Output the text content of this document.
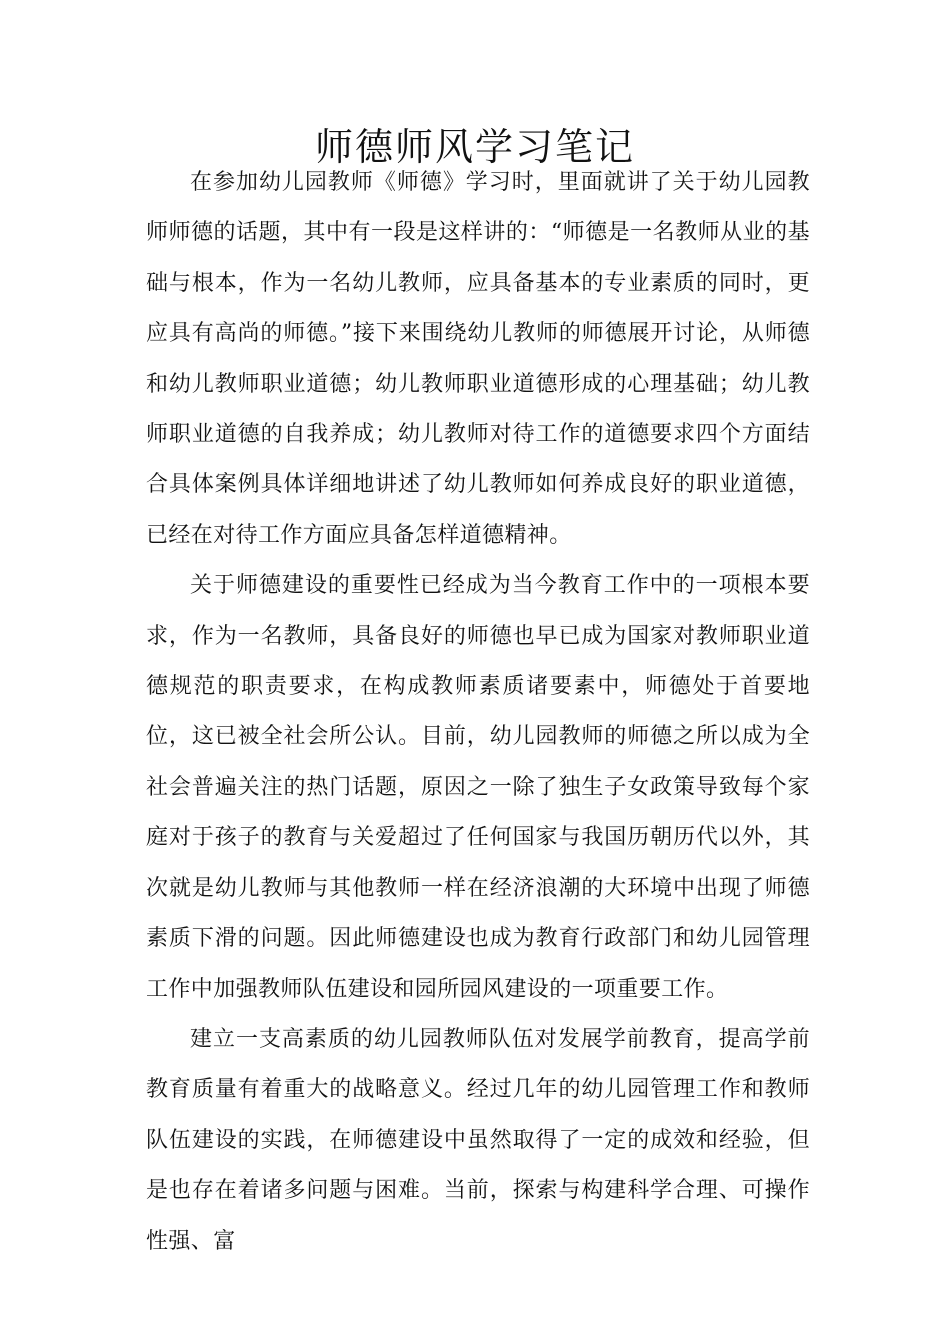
师德师风学习笔记

在参加幼儿园教师《师德》学习时，里面就讲了关于幼儿园教师师德的话题，其中有一段是这样讲的：“师德是一名教师从业的基础与根本，作为一名幼儿教师，应具备基本的专业素质的同时，更应具有高尚的师德。”接下来围绕幼儿教师的师德展开讨论，从师德和幼儿教师职业道德；幼儿教师职业道德形成的心理基础；幼儿教师职业道德的自我养成；幼儿教师对待工作的道德要求四个方面结合具体案例具体详细地讲述了幼儿教师如何养成良好的职业道德，已经在对待工作方面应具备怎样道德精神。

关于师德建设的重要性已经成为当今教育工作中的一项根本要求，作为一名教师，具备良好的师德也早已成为国家对教师职业道德规范的职责要求，在构成教师素质诸要素中，师德处于首要地位，这已被全社会所公认。目前，幼儿园教师的师德之所以成为全社会普遍关注的热门话题，原因之一除了独生子女政策导致每个家庭对于孩子的教育与关爱超过了任何国家与我国历朝历代以外，其次就是幼儿教师与其他教师一样在经济浪潮的大环境中出现了师德素质下滑的问题。因此师德建设也成为教育行政部门和幼儿园管理工作中加强教师队伍建设和园所园风建设的一项重要工作。

建立一支高素质的幼儿园教师队伍对发展学前教育，提高学前教育质量有着重大的战略意义。经过几年的幼儿园管理工作和教师队伍建设的实践，在师德建设中虽然取得了一定的成效和经验，但是也存在着诸多问题与困难。当前，探索与构建科学合理、可操作性强、富
